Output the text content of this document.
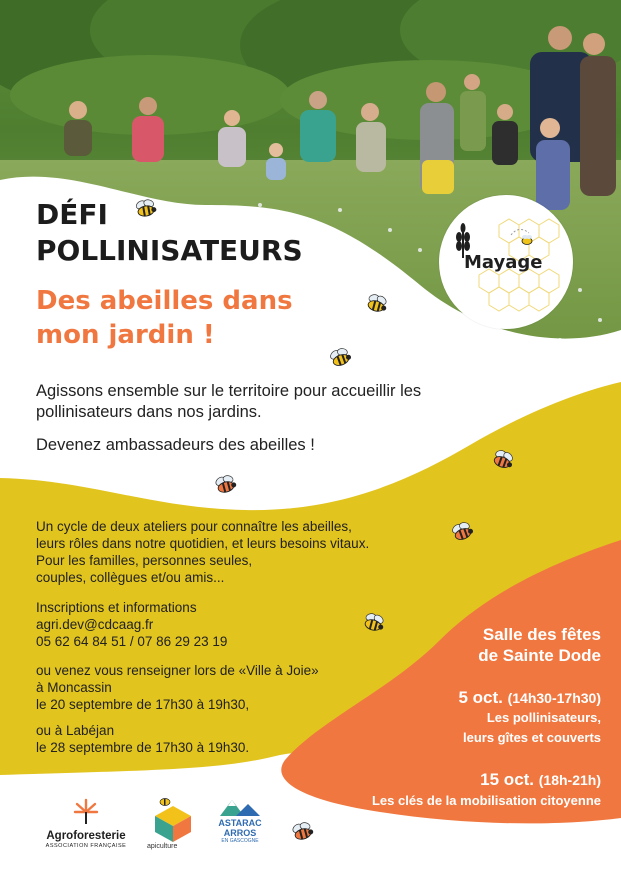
Mayage
DÉFI
POLLINISATEURS
Des abeilles dans
mon jardin !

Agissons ensemble sur le territoire pour accueillir les pollinisateurs dans nos jardins.

Devenez ambassadeurs des abeilles !

Un cycle de deux ateliers pour connaître les abeilles,
leurs rôles dans notre quotidien, et leurs besoins vitaux.
Pour les familles, personnes seules,
couples, collègues et/ou amis...

Inscriptions et informations
agri.dev@cdcaag.fr
05 62 64 84 51 / 07 86 29 23 19

ou venez vous renseigner lors de «Ville à Joie»
à Moncassin
le 20 septembre de 17h30 à 19h30,

ou à Labéjan
le 28 septembre de 17h30 à 19h30.

Salle des fêtes
de Sainte Dode
5 oct. (14h30-17h30)
Les pollinisateurs,
leurs gîtes et couverts
15 oct. (18h-21h)
Les clés de la mobilisation citoyenne
Agroforesterie
ASSOCIATION FRANÇAISE	apiculture
ASTARAC
ARROS
EN GASCOGNE
